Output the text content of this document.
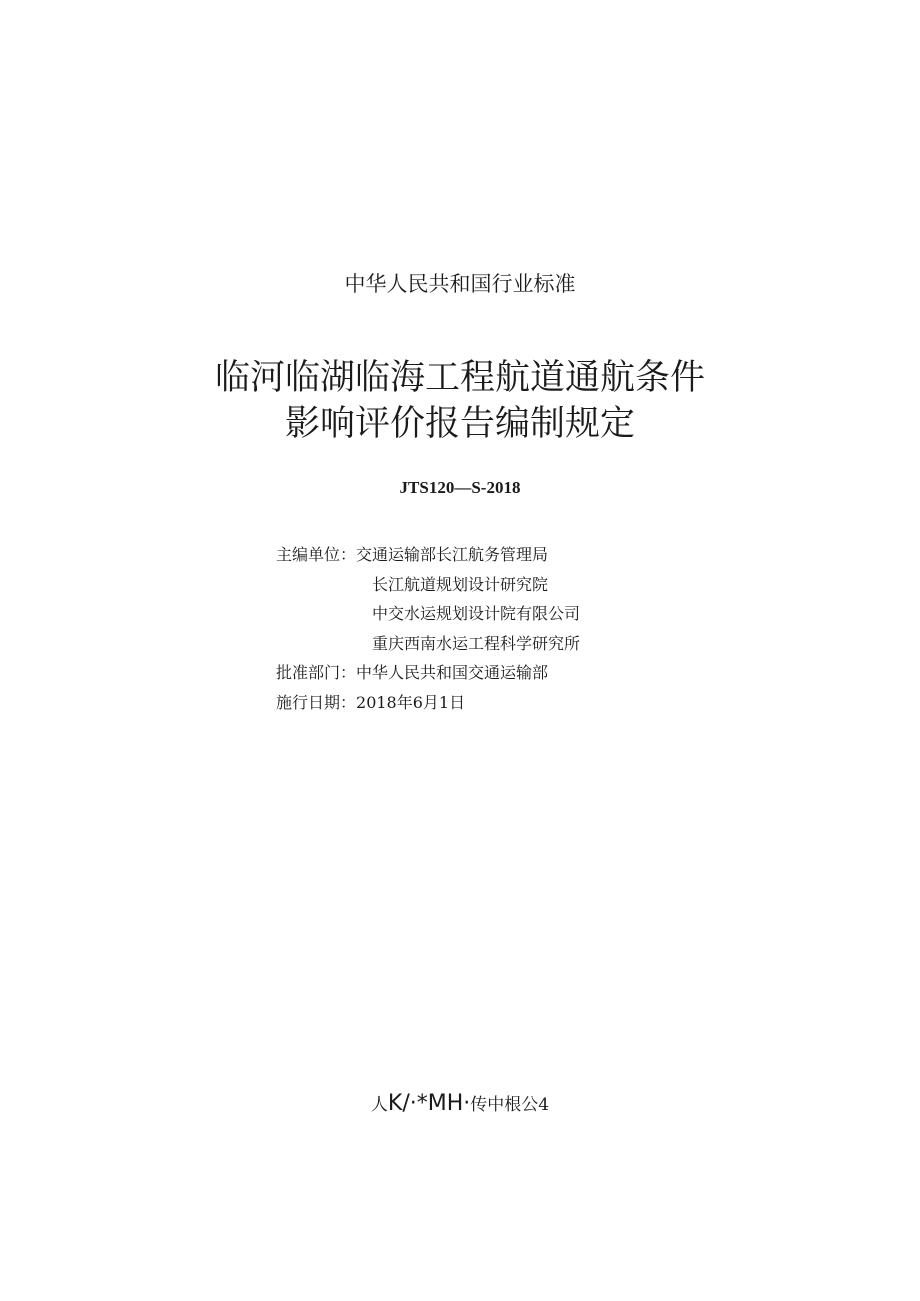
中华人民共和国行业标准
临河临湖临海工程航道通航条件
影响评价报告编制规定
JTS120—S-2018
主编单位：交通运输部长江航务管理局
长江航道规划设计研究院
中交水运规划设计院有限公司
重庆西南水运工程科学研究所
批准部门：中华人民共和国交通运输部
施行日期：2018年6月1日
人K/·*MH·传中根公4
